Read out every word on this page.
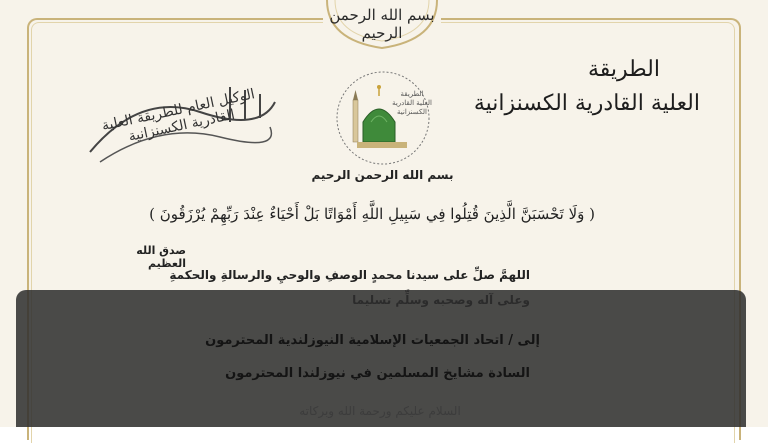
بسم الله الرحمن الرحيم
الطريقة
العلية القادرية الكسنزانية
الوكيل العام للطريقة العلية القادرية الكسنزانية
الطريقة العلية القادرية الكسنزانية
بسم الله الرحمن الرحيم
( وَلَا تَحْسَبَنَّ الَّذِينَ قُتِلُوا فِي سَبِيلِ اللَّهِ أَمْوَاتًا بَلْ أَحْيَاءٌ عِنْدَ رَبِّهِمْ يُرْزَقُونَ )
صدق الله العظيم
اللهمَّ صلِّ على سيدنا محمدٍ الوصفِ والوحيِ والرسالةِ والحكمةِ
إلى / اتحاد الجمعيات الإسلامية النيوزلندية المحترمون
السادة مشايخ المسلمين في نيوزلندا المحترمون
السلام عليكم ورحمة الله وبركاته
